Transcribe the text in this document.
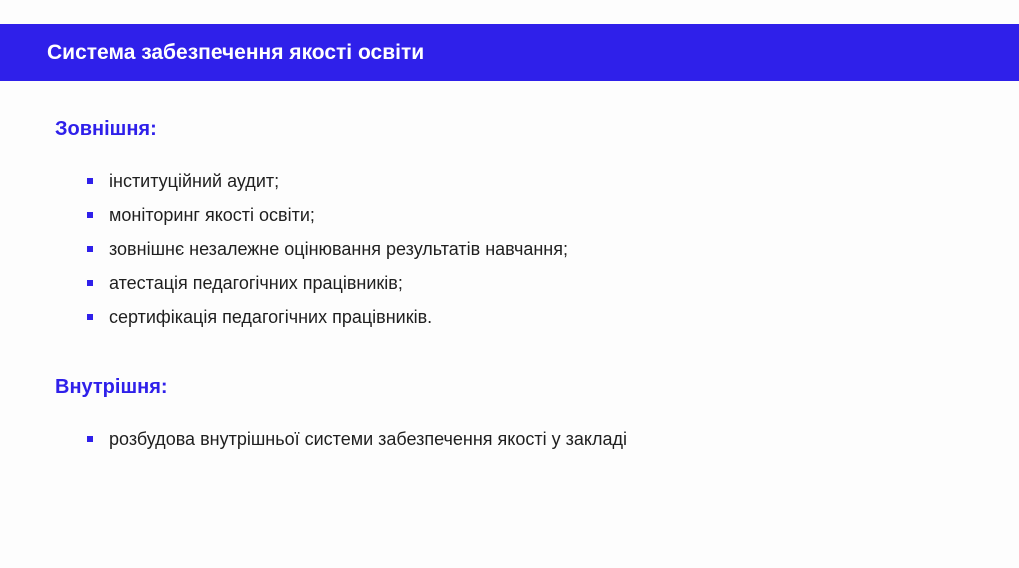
Система забезпечення якості освіти
Зовнішня:
інституційний аудит;
моніторинг якості освіти;
зовнішнє незалежне оцінювання результатів навчання;
атестація педагогічних працівників;
сертифікація педагогічних працівників.
Внутрішня:
розбудова внутрішньої системи забезпечення якості у закладі
